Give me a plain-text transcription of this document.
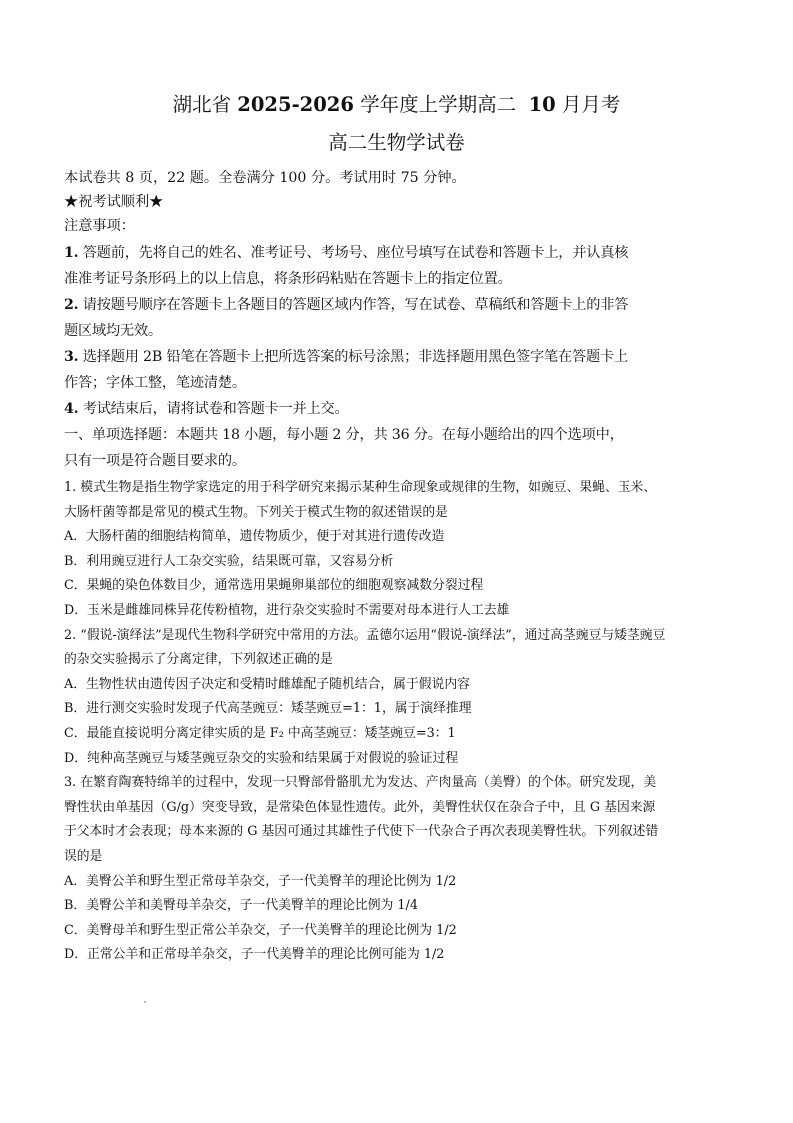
湖北省 2025-2026 学年度上学期高二 10 月月考
高二生物学试卷

本试卷共 8 页，22 题。全卷满分 100 分。考试用时 75 分钟。

★祝考试顺利★

注意事项：

1. 答题前，先将自己的姓名、准考证号、考场号、座位号填写在试卷和答题卡上，并认真核

准准考证号条形码上的以上信息，将条形码粘贴在答题卡上的指定位置。

2. 请按题号顺序在答题卡上各题目的答题区域内作答，写在试卷、草稿纸和答题卡上的非答

题区域均无效。

3. 选择题用 2B 铅笔在答题卡上把所选答案的标号涂黑；非选择题用黑色签字笔在答题卡上

作答；字体工整，笔迹清楚。

4. 考试结束后，请将试卷和答题卡一并上交。

一、单项选择题：本题共 18 小题，每小题 2 分，共 36 分。在每小题给出的四个选项中，

只有一项是符合题目要求的。

1. 模式生物是指生物学家选定的用于科学研究来揭示某种生命现象或规律的生物，如豌豆、果蝇、玉米、

大肠杆菌等都是常见的模式生物。下列关于模式生物的叙述错误的是

A．大肠杆菌的细胞结构简单，遗传物质少，便于对其进行遗传改造

B．利用豌豆进行人工杂交实验，结果既可靠，又容易分析

C．果蝇的染色体数目少，通常选用果蝇卵巢部位的细胞观察减数分裂过程

D．玉米是雌雄同株异花传粉植物，进行杂交实验时不需要对母本进行人工去雄

2. “假说-演绎法”是现代生物科学研究中常用的方法。孟德尔运用“假说-演绎法”，通过高茎豌豆与矮茎豌豆

的杂交实验揭示了分离定律，下列叙述正确的是

A．生物性状由遗传因子决定和受精时雌雄配子随机结合，属于假说内容

B．进行测交实验时发现子代高茎豌豆：矮茎豌豆=1：1，属于演绎推理

C．最能直接说明分离定律实质的是 F₂ 中高茎豌豆：矮茎豌豆=3：1

D．纯种高茎豌豆与矮茎豌豆杂交的实验和结果属于对假说的验证过程

3. 在繁育陶赛特绵羊的过程中，发现一只臀部骨骼肌尤为发达、产肉量高（美臀）的个体。研究发现，美

臀性状由单基因（G/g）突变导致，是常染色体显性遗传。此外，美臀性状仅在杂合子中，且 G 基因来源

于父本时才会表现；母本来源的 G 基因可通过其雄性子代使下一代杂合子再次表现美臀性状。下列叙述错

误的是

A．美臀公羊和野生型正常母羊杂交，子一代美臀羊的理论比例为 1/2

B．美臀公羊和美臀母羊杂交，子一代美臀羊的理论比例为 1/4

C．美臀母羊和野生型正常公羊杂交，子一代美臀羊的理论比例为 1/2

D．正常公羊和正常母羊杂交，子一代美臀羊的理论比例可能为 1/2
